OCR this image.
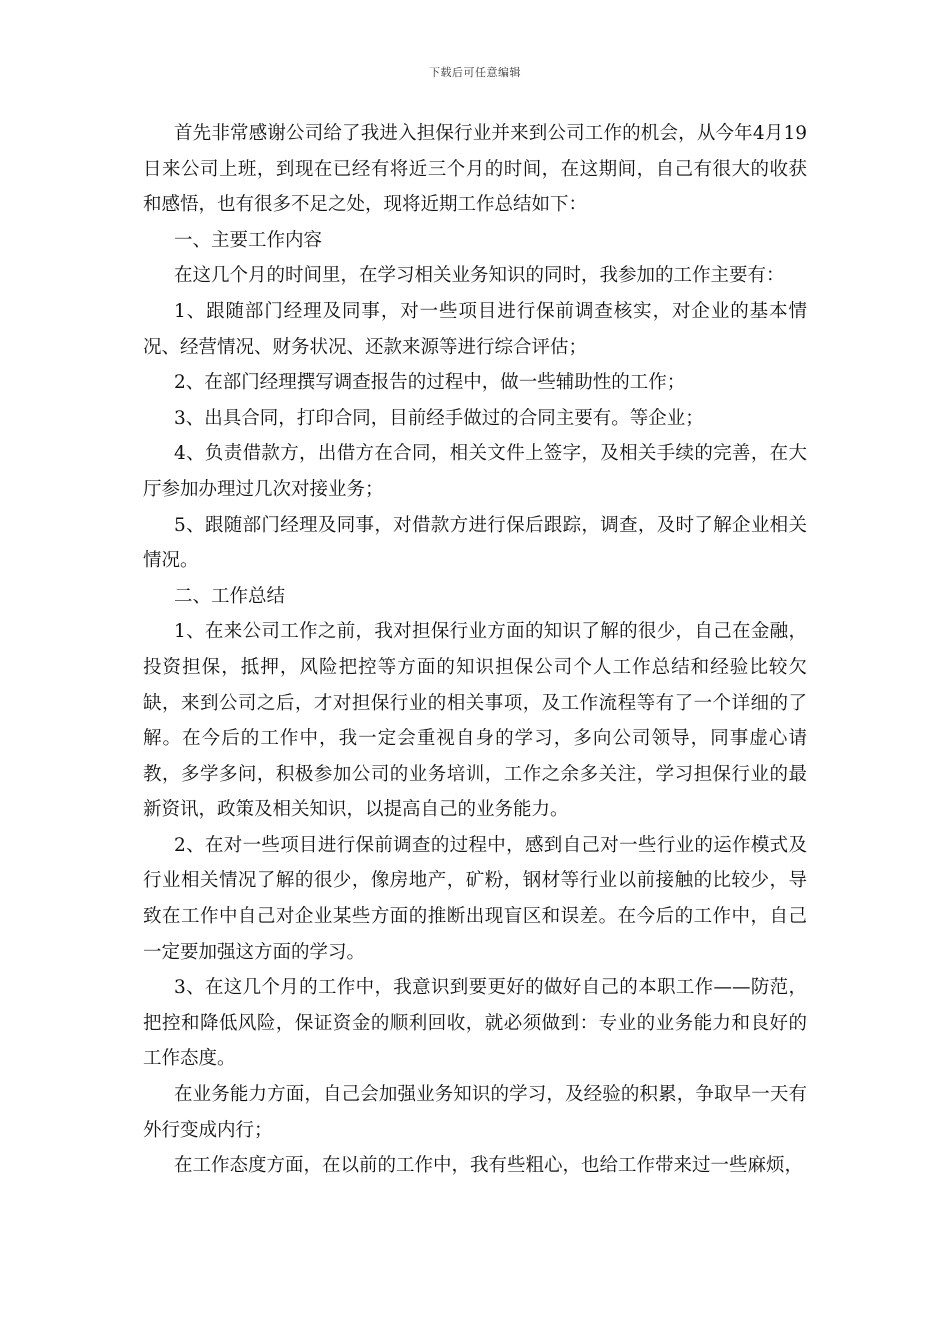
下载后可任意编辑

首先非常感谢公司给了我进入担保行业并来到公司工作的机会，从今年4月19日来公司上班，到现在已经有将近三个月的时间，在这期间，自己有很大的收获和感悟，也有很多不足之处，现将近期工作总结如下：

一、主要工作内容

在这几个月的时间里，在学习相关业务知识的同时，我参加的工作主要有：

1、跟随部门经理及同事，对一些项目进行保前调查核实，对企业的基本情况、经营情况、财务状况、还款来源等进行综合评估；

2、在部门经理撰写调查报告的过程中，做一些辅助性的工作；

3、出具合同，打印合同，目前经手做过的合同主要有。等企业；

4、负责借款方，出借方在合同，相关文件上签字，及相关手续的完善，在大厅参加办理过几次对接业务；

5、跟随部门经理及同事，对借款方进行保后跟踪，调查，及时了解企业相关情况。

二、工作总结

1、在来公司工作之前，我对担保行业方面的知识了解的很少，自己在金融，投资担保，抵押，风险把控等方面的知识担保公司个人工作总结和经验比较欠缺，来到公司之后，才对担保行业的相关事项，及工作流程等有了一个详细的了解。在今后的工作中，我一定会重视自身的学习，多向公司领导，同事虚心请教，多学多问，积极参加公司的业务培训，工作之余多关注，学习担保行业的最新资讯，政策及相关知识，以提高自己的业务能力。

2、在对一些项目进行保前调查的过程中，感到自己对一些行业的运作模式及行业相关情况了解的很少，像房地产，矿粉，钢材等行业以前接触的比较少，导致在工作中自己对企业某些方面的推断出现盲区和误差。在今后的工作中，自己一定要加强这方面的学习。

3、在这几个月的工作中，我意识到要更好的做好自己的本职工作——防范，把控和降低风险，保证资金的顺利回收，就必须做到：专业的业务能力和良好的工作态度。

在业务能力方面，自己会加强业务知识的学习，及经验的积累，争取早一天有外行变成内行；

在工作态度方面，在以前的工作中，我有些粗心，也给工作带来过一些麻烦，
